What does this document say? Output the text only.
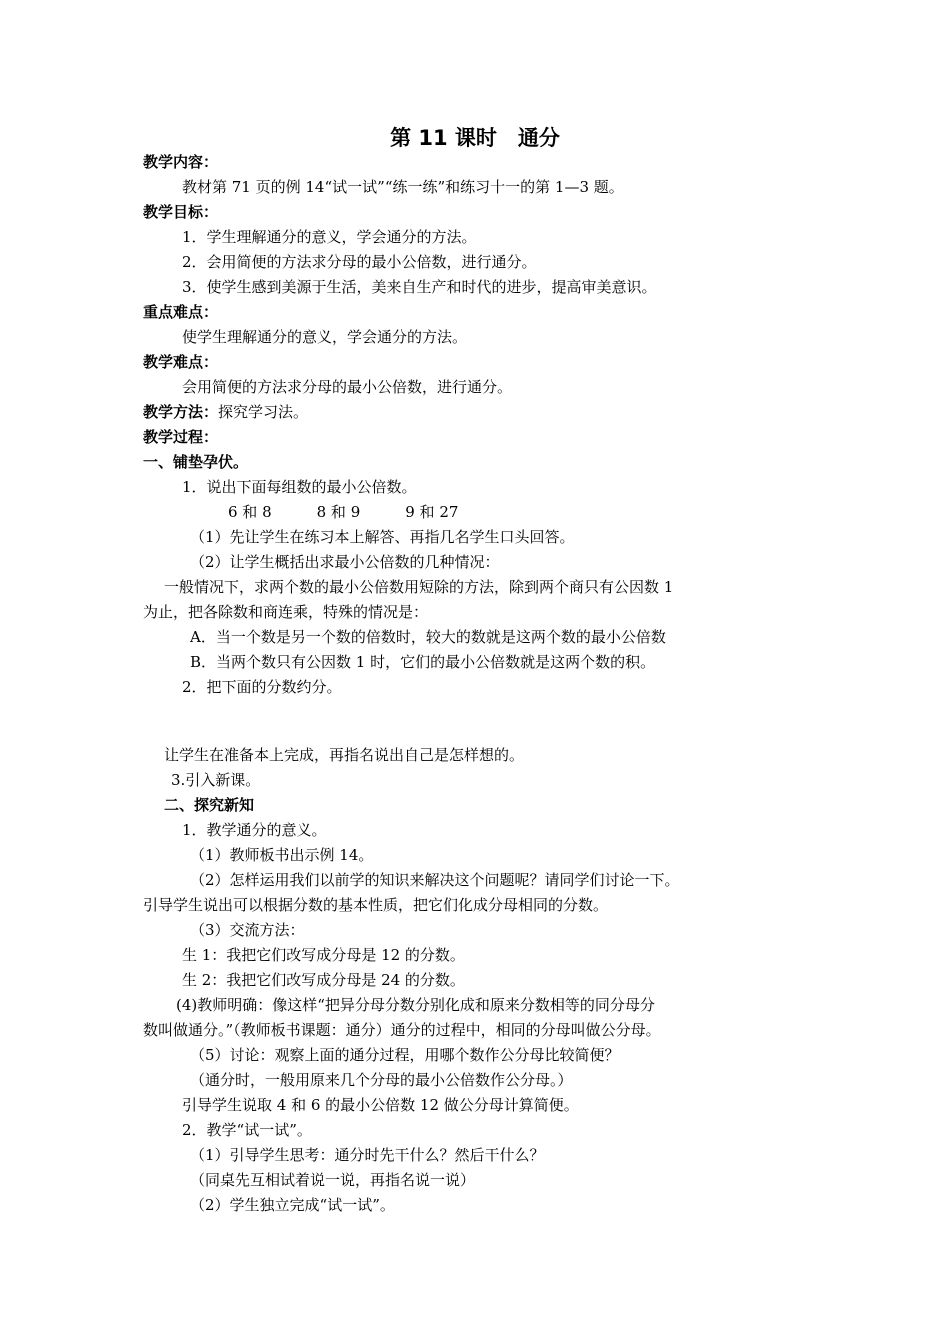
第 11 课时　通分
教学内容：
教材第 71 页的例 14“试一试”“练一练”和练习十一的第 1—3 题。
教学目标：
1．学生理解通分的意义，学会通分的方法。
2．会用简便的方法求分母的最小公倍数，进行通分。
3．使学生感到美源于生活，美来自生产和时代的进步，提高审美意识。
重点难点：
使学生理解通分的意义，学会通分的方法。
教学难点：
会用简便的方法求分母的最小公倍数，进行通分。
教学方法：探究学习法。
教学过程：
一、铺垫孕伏。
1．说出下面每组数的最小公倍数。
6 和 8　　　8 和 9　　　9 和 27
（1）先让学生在练习本上解答、再指几名学生口头回答。
（2）让学生概括出求最小公倍数的几种情况：
一般情况下，求两个数的最小公倍数用短除的方法，除到两个商只有公因数 1
为止，把各除数和商连乘，特殊的情况是：
A．当一个数是另一个数的倍数时，较大的数就是这两个数的最小公倍数
B．当两个数只有公因数 1 时，它们的最小公倍数就是这两个数的积。
2．把下面的分数约分。
让学生在准备本上完成，再指名说出自己是怎样想的。
3.引入新课。
二、探究新知
1．教学通分的意义。
（1）教师板书出示例 14。
（2）怎样运用我们以前学的知识来解决这个问题呢？请同学们讨论一下。
引导学生说出可以根据分数的基本性质，把它们化成分母相同的分数。
（3）交流方法：
生 1：我把它们改写成分母是 12 的分数。
生 2：我把它们改写成分母是 24 的分数。
(4)教师明确：像这样“把异分母分数分别化成和原来分数相等的同分母分
数叫做通分。”（教师板书课题：通分）通分的过程中，相同的分母叫做公分母。
（5）讨论：观察上面的通分过程，用哪个数作公分母比较简便？
（通分时，一般用原来几个分母的最小公倍数作公分母。）
引导学生说取 4 和 6 的最小公倍数 12 做公分母计算简便。
2．教学“试一试”。
（1）引导学生思考：通分时先干什么？然后干什么？
（同桌先互相试着说一说，再指名说一说）
（2）学生独立完成“试一试”。
